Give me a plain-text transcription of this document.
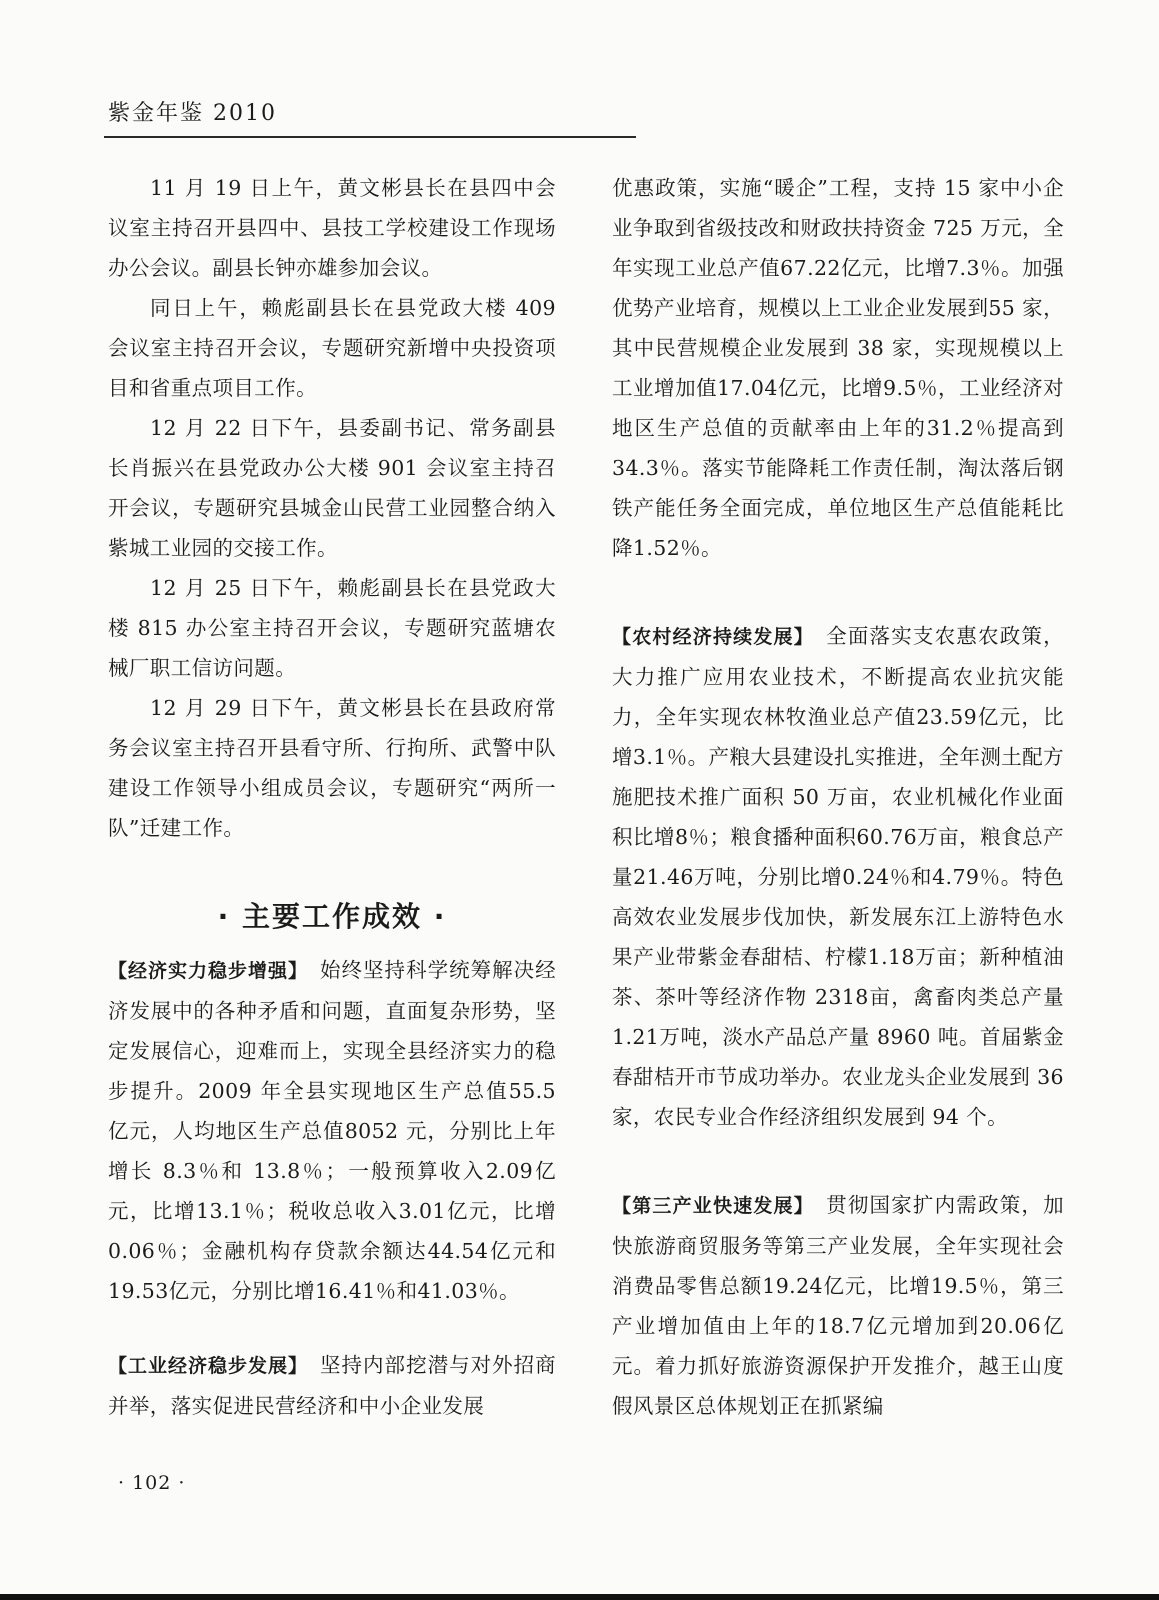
紫金年鉴 2010

11 月 19 日上午，黄文彬县长在县四中会议室主持召开县四中、县技工学校建设工作现场办公会议。副县长钟亦雄参加会议。

同日上午，赖彪副县长在县党政大楼 409 会议室主持召开会议，专题研究新增中央投资项目和省重点项目工作。

12 月 22 日下午，县委副书记、常务副县长肖振兴在县党政办公大楼 901 会议室主持召开会议，专题研究县城金山民营工业园整合纳入紫城工业园的交接工作。

12 月 25 日下午，赖彪副县长在县党政大楼 815 办公室主持召开会议，专题研究蓝塘农械厂职工信访问题。

12 月 29 日下午，黄文彬县长在县政府常务会议室主持召开县看守所、行拘所、武警中队建设工作领导小组成员会议，专题研究“两所一队”迁建工作。

· 主要工作成效 ·

【经济实力稳步增强】　始终坚持科学统筹解决经济发展中的各种矛盾和问题，直面复杂形势，坚定发展信心，迎难而上，实现全县经济实力的稳步提升。2009 年全县实现地区生产总值55.5 亿元，人均地区生产总值8052 元，分别比上年增长 8.3％和 13.8％；一般预算收入2.09亿元，比增13.1％；税收总收入3.01亿元，比增0.06％；金融机构存贷款余额达44.54亿元和19.53亿元，分别比增16.41％和41.03％。

【工业经济稳步发展】　坚持内部挖潜与对外招商并举，落实促进民营经济和中小企业发展

优惠政策，实施“暖企”工程，支持 15 家中小企业争取到省级技改和财政扶持资金 725 万元，全年实现工业总产值67.22亿元，比增7.3％。加强优势产业培育，规模以上工业企业发展到55 家，其中民营规模企业发展到 38 家，实现规模以上工业增加值17.04亿元，比增9.5％，工业经济对地区生产总值的贡献率由上年的31.2％提高到34.3％。落实节能降耗工作责任制，淘汰落后钢铁产能任务全面完成，单位地区生产总值能耗比降1.52％。

【农村经济持续发展】　全面落实支农惠农政策，大力推广应用农业技术，不断提高农业抗灾能力，全年实现农林牧渔业总产值23.59亿元，比增3.1％。产粮大县建设扎实推进，全年测土配方施肥技术推广面积 50 万亩，农业机械化作业面积比增8％；粮食播种面积60.76万亩，粮食总产量21.46万吨，分别比增0.24％和4.79％。特色高效农业发展步伐加快，新发展东江上游特色水果产业带紫金春甜桔、柠檬1.18万亩；新种植油茶、茶叶等经济作物 2318亩，禽畜肉类总产量1.21万吨，淡水产品总产量 8960 吨。首届紫金春甜桔开市节成功举办。农业龙头企业发展到 36 家，农民专业合作经济组织发展到 94 个。

【第三产业快速发展】　贯彻国家扩内需政策，加快旅游商贸服务等第三产业发展，全年实现社会消费品零售总额19.24亿元，比增19.5％，第三产业增加值由上年的18.7亿元增加到20.06亿元。着力抓好旅游资源保护开发推介，越王山度假风景区总体规划正在抓紧编

· 102 ·
